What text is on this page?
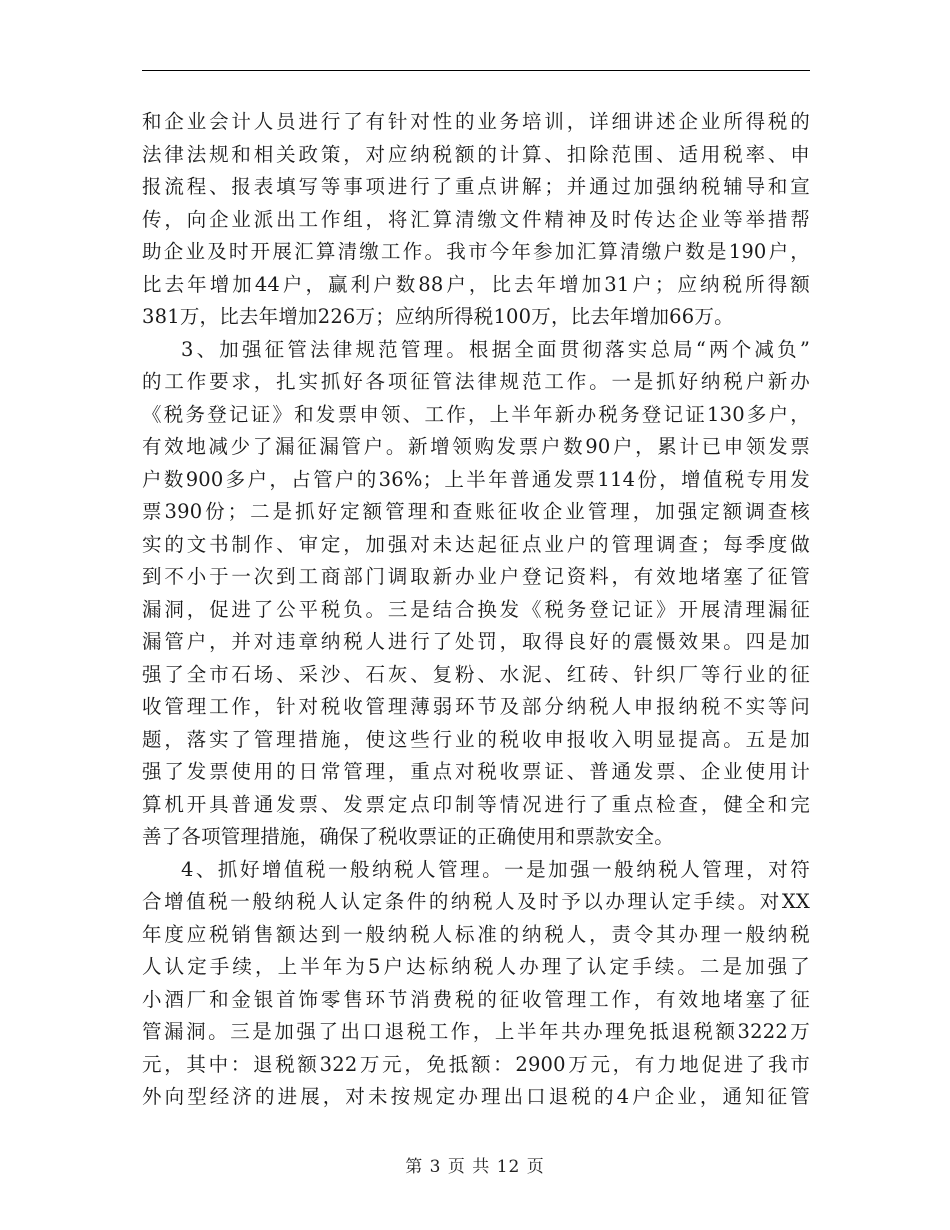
和企业会计人员进行了有针对性的业务培训，详细讲述企业所得税的
法律法规和相关政策，对应纳税额的计算、扣除范围、适用税率、申
报流程、报表填写等事项进行了重点讲解；并通过加强纳税辅导和宣
传，向企业派出工作组，将汇算清缴文件精神及时传达企业等举措帮
助企业及时开展汇算清缴工作。我市今年参加汇算清缴户数是190户，
比去年增加44户，赢利户数88户，比去年增加31户；应纳税所得额
381万，比去年增加226万；应纳所得税100万，比去年增加66万。
3、加强征管法律规范管理。根据全面贯彻落实总局“两个减负”
的工作要求，扎实抓好各项征管法律规范工作。一是抓好纳税户新办
《税务登记证》和发票申领、工作，上半年新办税务登记证130多户，
有效地减少了漏征漏管户。新增领购发票户数90户，累计已申领发票
户数900多户，占管户的36%；上半年普通发票114份，增值税专用发
票390份；二是抓好定额管理和查账征收企业管理，加强定额调查核
实的文书制作、审定，加强对未达起征点业户的管理调查；每季度做
到不小于一次到工商部门调取新办业户登记资料，有效地堵塞了征管
漏洞，促进了公平税负。三是结合换发《税务登记证》开展清理漏征
漏管户，并对违章纳税人进行了处罚，取得良好的震慑效果。四是加
强了全市石场、采沙、石灰、复粉、水泥、红砖、针织厂等行业的征
收管理工作，针对税收管理薄弱环节及部分纳税人申报纳税不实等问
题，落实了管理措施，使这些行业的税收申报收入明显提高。五是加
强了发票使用的日常管理，重点对税收票证、普通发票、企业使用计
算机开具普通发票、发票定点印制等情况进行了重点检查，健全和完
善了各项管理措施，确保了税收票证的正确使用和票款安全。
4、抓好增值税一般纳税人管理。一是加强一般纳税人管理，对符
合增值税一般纳税人认定条件的纳税人及时予以办理认定手续。对XX
年度应税销售额达到一般纳税人标准的纳税人，责令其办理一般纳税
人认定手续，上半年为5户达标纳税人办理了认定手续。二是加强了
小酒厂和金银首饰零售环节消费税的征收管理工作，有效地堵塞了征
管漏洞。三是加强了出口退税工作，上半年共办理免抵退税额3222万
元，其中：退税额322万元，免抵额：2900万元，有力地促进了我市
外向型经济的进展，对未按规定办理出口退税的4户企业，通知征管
第 3 页 共 12 页
